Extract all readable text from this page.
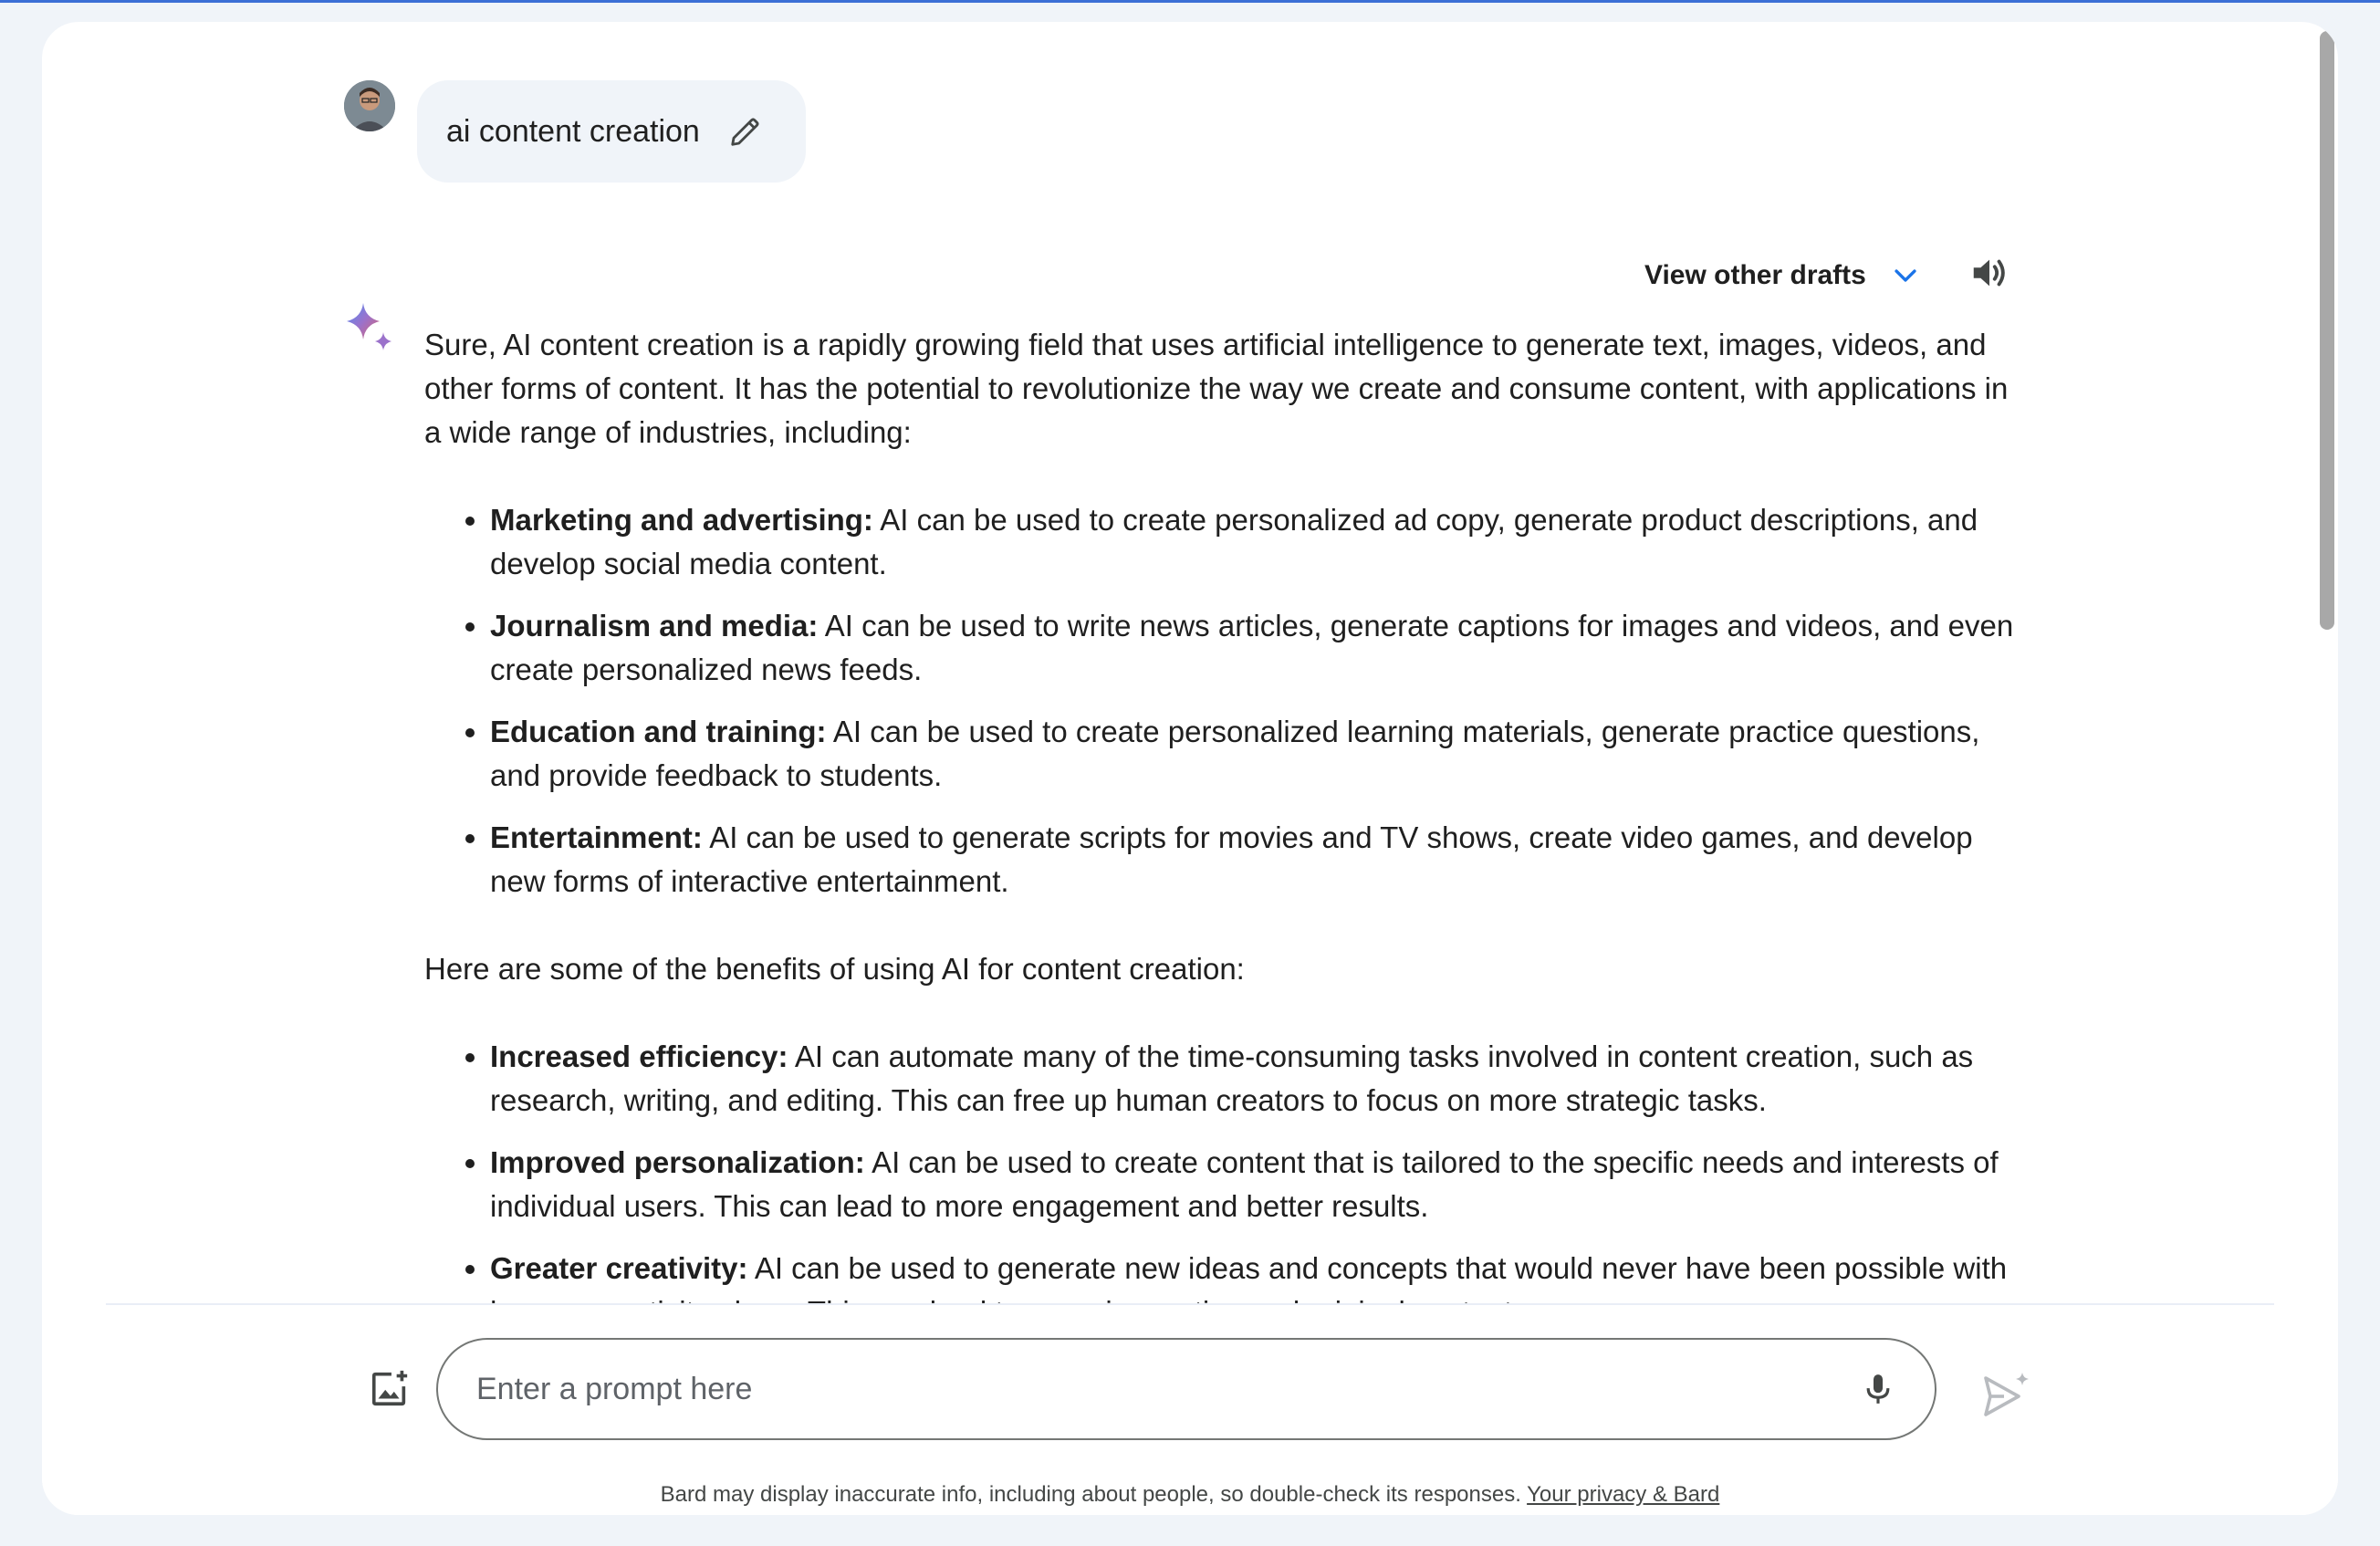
ai content creation
View other drafts

Sure, AI content creation is a rapidly growing field that uses artificial intelligence to generate text, images, videos, and other forms of content. It has the potential to revolutionize the way we create and consume content, with applications in a wide range of industries, including:

• Marketing and advertising: AI can be used to create personalized ad copy, generate product descriptions, and develop social media content.
• Journalism and media: AI can be used to write news articles, generate captions for images and videos, and even create personalized news feeds.
• Education and training: AI can be used to create personalized learning materials, generate practice questions, and provide feedback to students.
• Entertainment: AI can be used to generate scripts for movies and TV shows, create video games, and develop new forms of interactive entertainment.

Here are some of the benefits of using AI for content creation:

• Increased efficiency: AI can automate many of the time-consuming tasks involved in content creation, such as research, writing, and editing. This can free up human creators to focus on more strategic tasks.
• Improved personalization: AI can be used to create content that is tailored to the specific needs and interests of individual users. This can lead to more engagement and better results.
• Greater creativity: AI can be used to generate new ideas and concepts that would never have been possible with
Enter a prompt here
Bard may display inaccurate info, including about people, so double-check its responses. Your privacy & Bard
